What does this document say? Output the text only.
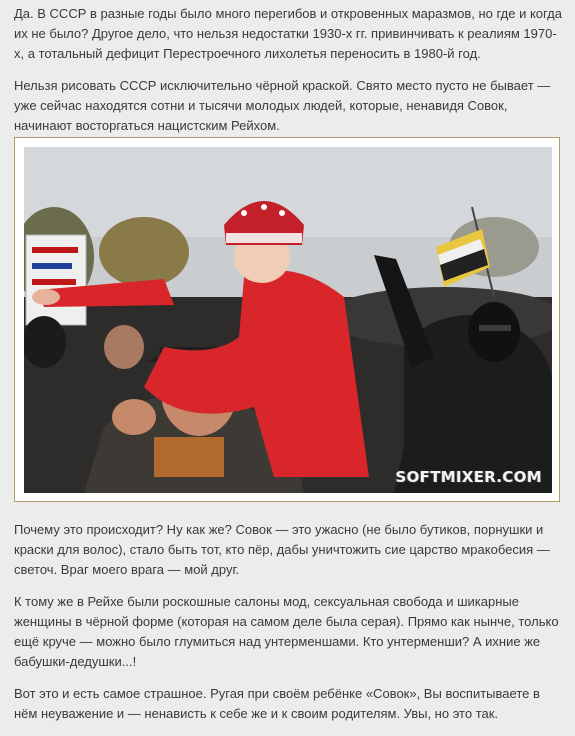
Да. В СССР в разные годы было много перегибов и откровенных маразмов, но где и когда их не было? Другое дело, что нельзя недостатки 1930-х гг. привинчивать к реалиям 1970-х, а тотальный дефицит Перестроечного лихолетья переносить в 1980-й год.

Нельзя рисовать СССР исключительно чёрной краской. Свято место пусто не бывает — уже сейчас находятся сотни и тысячи молодых людей, которые, ненавидя Совок, начинают восторгаться нацистским Рейхом.

SOFTMIXER.COM

Почему это происходит? Ну как же? Совок — это ужасно (не было бутиков, порнушки и краски для волос), стало быть тот, кто пёр, дабы уничтожить сие царство мракобесия — светоч. Враг моего врага — мой друг.

К тому же в Рейхе были роскошные салоны мод, сексуальная свобода и шикарные женщины в чёрной форме (которая на самом деле была серая). Прямо как нынче, только ещё круче — можно было глумиться над унтерменшами. Кто унтерменши? А ихние же бабушки-дедушки...!

Вот это и есть самое страшное. Ругая при своём ребёнке «Совок», Вы воспитываете в нём неуважение и — ненависть к себе же и к своим родителям. Увы, но это так.
